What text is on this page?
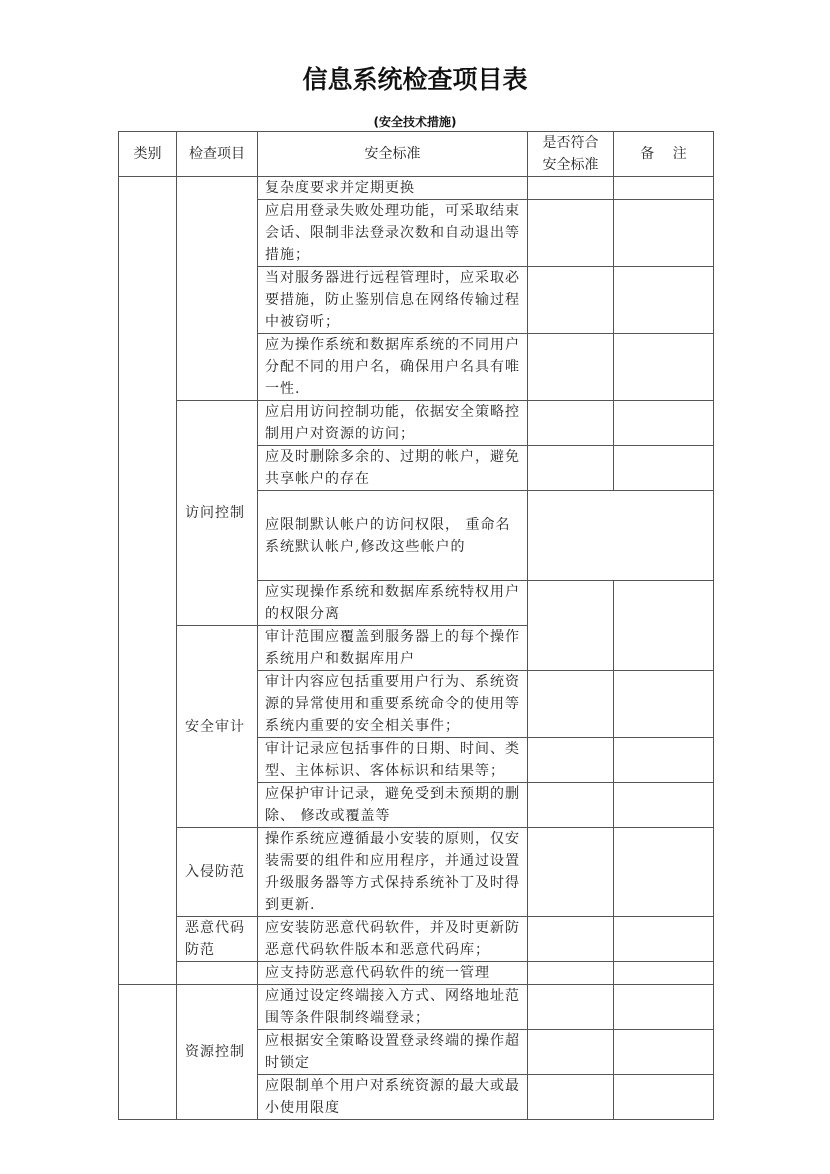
信息系统检查项目表
(安全技术措施)
类别	检查项目	安全标准	是否符合安全标准	备　 注
		复杂度要求并定期更换		
		应启用登录失败处理功能，可采取结束会话、限制非法登录次数和自动退出等措施；		
		当对服务器进行远程管理时，应采取必要措施，防止鉴别信息在网络传输过程中被窃听；		
		应为操作系统和数据库系统的不同用户分配不同的用户名，确保用户名具有唯一性.		
	访问控制	应启用访问控制功能，依据安全策略控制用户对资源的访问；		
		应及时删除多余的、过期的帐户，避免共享帐户的存在		
		应限制默认帐户的访问权限， 重命名系统默认帐户,修改这些帐户的		
		应实现操作系统和数据库系统特权用户的权限分离		
	安全审计	审计范围应覆盖到服务器上的每个操作系统用户和数据库用户		
		审计内容应包括重要用户行为、系统资源的异常使用和重要系统命令的使用等系统内重要的安全相关事件；		
		审计记录应包括事件的日期、时间、类型、主体标识、客体标识和结果等；		
		应保护审计记录，避免受到未预期的删除、 修改或覆盖等		
	入侵防范	操作系统应遵循最小安装的原则，仅安装需要的组件和应用程序，并通过设置升级服务器等方式保持系统补丁及时得到更新.		
	恶意代码防范	应安装防恶意代码软件，并及时更新防恶意代码软件版本和恶意代码库；		
		应支持防恶意代码软件的统一管理		
	资源控制	应通过设定终端接入方式、网络地址范围等条件限制终端登录；		
		应根据安全策略设置登录终端的操作超时锁定		
		应限制单个用户对系统资源的最大或最小使用限度		
